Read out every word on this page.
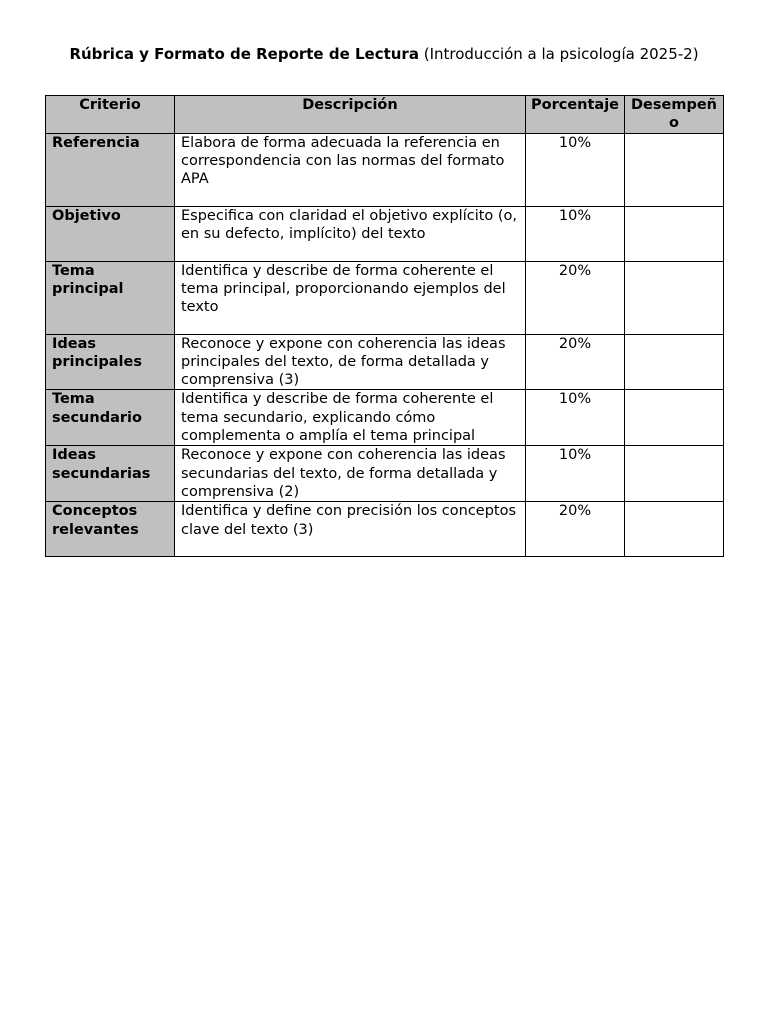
Rúbrica y Formato de Reporte de Lectura (Introducción a la psicología 2025-2)
Criterio	Descripción	Porcentaje	Desempeño
Referencia	Elabora de forma adecuada la referencia en correspondencia con las normas del formato APA	10%	
Objetivo	Especifica con claridad el objetivo explícito (o, en su defecto, implícito) del texto	10%	
Tema principal	Identifica y describe de forma coherente el tema principal, proporcionando ejemplos del texto	20%	
Ideas principales	Reconoce y expone con coherencia las ideas principales del texto, de forma detallada y comprensiva (3)	20%	
Tema secundario	Identifica y describe de forma coherente el tema secundario, explicando cómo complementa o amplía el tema principal	10%	
Ideas secundarias	Reconoce y expone con coherencia las ideas secundarias del texto, de forma detallada y comprensiva (2)	10%	
Conceptos relevantes	Identifica y define con precisión los conceptos clave del texto (3)	20%	
